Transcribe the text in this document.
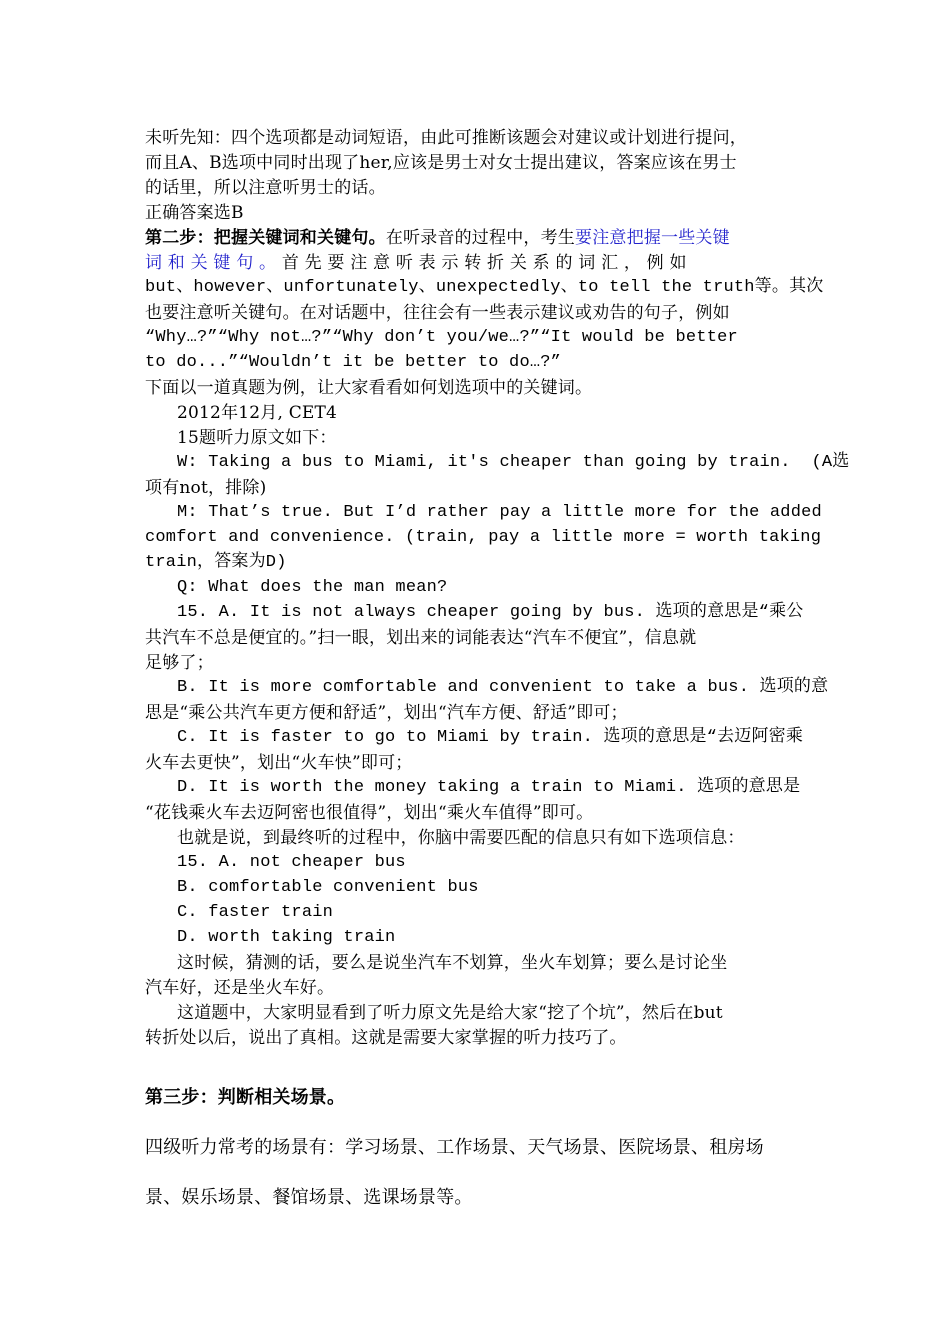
未听先知：四个选项都是动词短语，由此可推断该题会对建议或计划进行提问，

而且A、B选项中同时出现了her,应该是男士对女士提出建议，答案应该在男士

的话里，所以注意听男士的话。

正确答案选B

第二步：把握关键词和关键句。在听录音的过程中，考生要注意把握一些关键

词 和 关 键 句 。 首 先 要 注 意 听 表 示 转 折 关 系 的 词 汇 ， 例 如

but、however、unfortunately、unexpectedly、to tell the truth等。其次

也要注意听关键句。在对话题中，往往会有一些表示建议或劝告的句子，例如

“Why…?”“Why not…?”“Why don’t you/we…?”“It would be better

to do...”“Wouldn’t it be better to do…?”

下面以一道真题为例，让大家看看如何划选项中的关键词。

2012年12月, CET4

15题听力原文如下：

W: Taking a bus to Miami, it's cheaper than going by train.  (A选

项有not，排除)

M: That’s true. But I’d rather pay a little more for the added

comfort and convenience. (train, pay a little more = worth taking

train，答案为D)

Q: What does the man mean?

15. A. It is not always cheaper going by bus. 选项的意思是“乘公

共汽车不总是便宜的。”扫一眼，划出来的词能表达“汽车不便宜”，信息就

足够了；

B. It is more comfortable and convenient to take a bus. 选项的意

思是“乘公共汽车更方便和舒适”，划出“汽车方便、舒适”即可；

C. It is faster to go to Miami by train. 选项的意思是“去迈阿密乘

火车去更快”，划出“火车快”即可；

D. It is worth the money taking a train to Miami. 选项的意思是

“花钱乘火车去迈阿密也很值得”，划出“乘火车值得”即可。

也就是说，到最终听的过程中，你脑中需要匹配的信息只有如下选项信息：

15. A. not cheaper bus

B. comfortable convenient bus

C. faster train

D. worth taking train

这时候，猜测的话，要么是说坐汽车不划算，坐火车划算；要么是讨论坐

汽车好，还是坐火车好。

这道题中，大家明显看到了听力原文先是给大家“挖了个坑”，然后在but

转折处以后，说出了真相。这就是需要大家掌握的听力技巧了。

第三步：判断相关场景。

四级听力常考的场景有：学习场景、工作场景、天气场景、医院场景、租房场

景、娱乐场景、餐馆场景、选课场景等。
